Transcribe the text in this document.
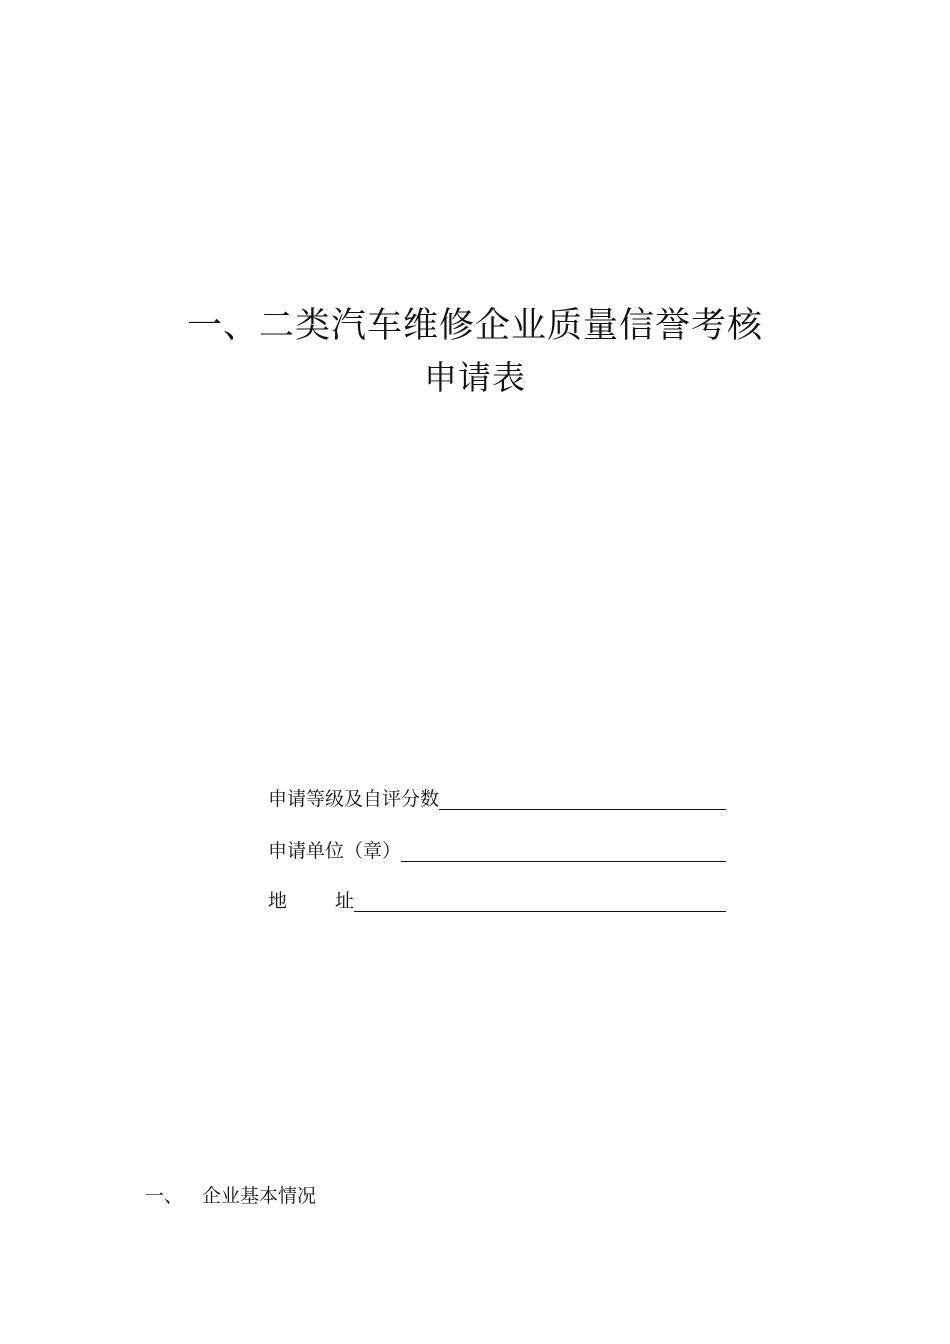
一、二类汽车维修企业质量信誉考核
申请表
申请等级及自评分数
申请单位（章）
地	址
一、 企业基本情况
